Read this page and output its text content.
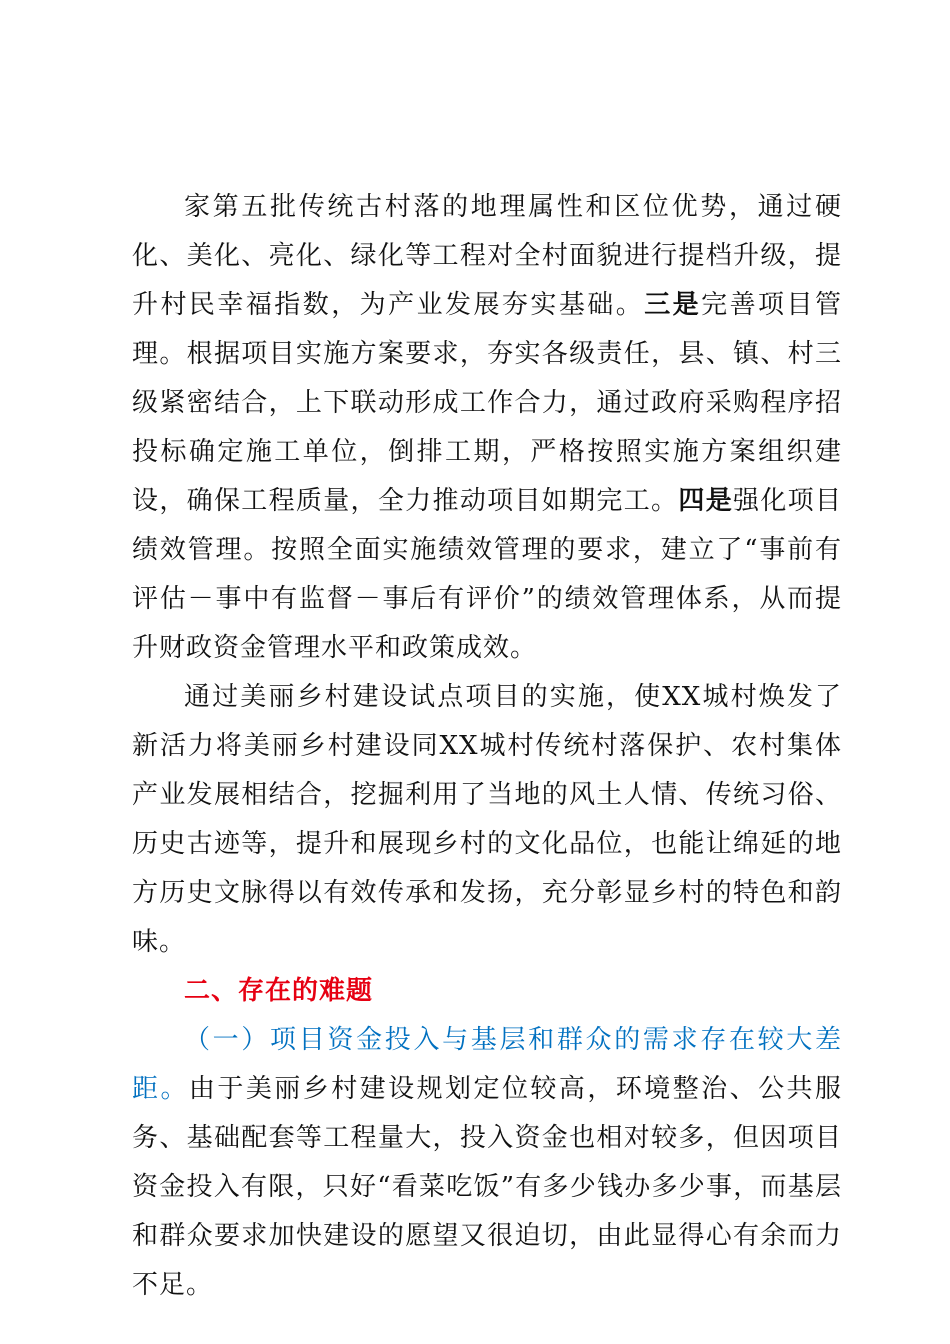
家第五批传统古村落的地理属性和区位优势，通过硬化、美化、亮化、绿化等工程对全村面貌进行提档升级，提升村民幸福指数，为产业发展夯实基础。三是完善项目管理。根据项目实施方案要求，夯实各级责任，县、镇、村三级紧密结合，上下联动形成工作合力，通过政府采购程序招投标确定施工单位，倒排工期，严格按照实施方案组织建设，确保工程质量，全力推动项目如期完工。四是强化项目绩效管理。按照全面实施绩效管理的要求，建立了“事前有评估－事中有监督－事后有评价”的绩效管理体系，从而提升财政资金管理水平和政策成效。

通过美丽乡村建设试点项目的实施，使XX城村焕发了新活力将美丽乡村建设同XX城村传统村落保护、农村集体产业发展相结合，挖掘利用了当地的风土人情、传统习俗、历史古迹等，提升和展现乡村的文化品位，也能让绵延的地方历史文脉得以有效传承和发扬，充分彰显乡村的特色和韵味。

二、存在的难题

（一）项目资金投入与基层和群众的需求存在较大差距。由于美丽乡村建设规划定位较高，环境整治、公共服务、基础配套等工程量大，投入资金也相对较多，但因项目资金投入有限，只好“看菜吃饭”有多少钱办多少事，而基层和群众要求加快建设的愿望又很迫切，由此显得心有余而力不足。
